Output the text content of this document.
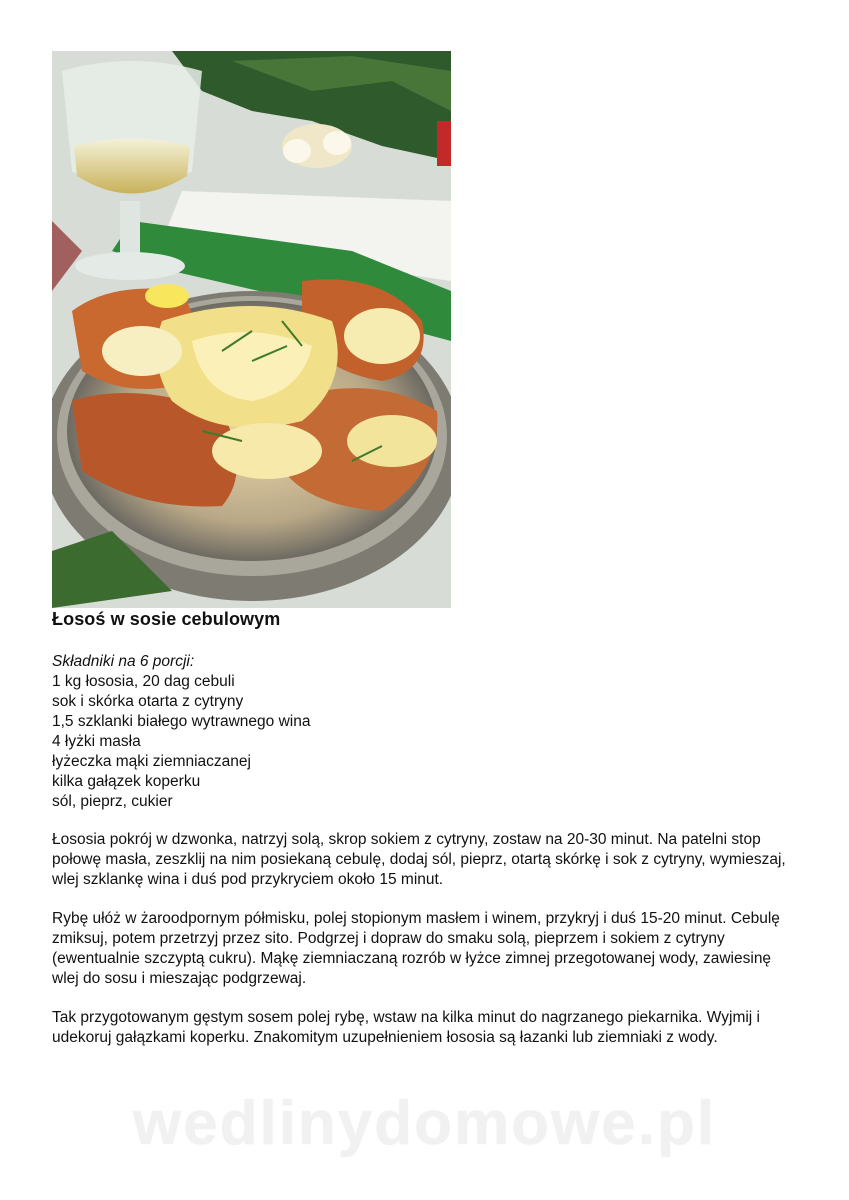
Łosoś w sosie cebulowym
Składniki na 6 porcji:
1 kg łososia, 20 dag cebuli
sok i skórka otarta z cytryny
1,5 szklanki białego wytrawnego wina
4 łyżki masła
łyżeczka mąki ziemniaczanej
kilka gałązek koperku
sól, pieprz, cukier
Łososia pokrój w dzwonka, natrzyj solą, skrop sokiem z cytryny, zostaw na 20-30 minut. Na patelni stop połowę masła, zeszklij na nim posiekaną cebulę, dodaj sól, pieprz, otartą skórkę i sok z cytryny, wymieszaj, wlej szklankę wina i duś pod przykryciem około 15 minut.
Rybę ułóż w żaroodpornym półmisku, polej stopionym masłem i winem, przykryj i duś 15-20 minut. Cebulę zmiksuj, potem przetrzyj przez sito. Podgrzej i dopraw do smaku solą, pieprzem i sokiem z cytryny (ewentualnie szczyptą cukru). Mąkę ziemniaczaną rozrób w łyżce zimnej przegotowanej wody, zawiesinę wlej do sosu i mieszając podgrzewaj.
Tak przygotowanym gęstym sosem polej rybę, wstaw na kilka minut do nagrzanego piekarnika. Wyjmij i udekoruj gałązkami koperku. Znakomitym uzupełnieniem łososia są łazanki lub ziemniaki z wody.
wedlinydomowe.pl
